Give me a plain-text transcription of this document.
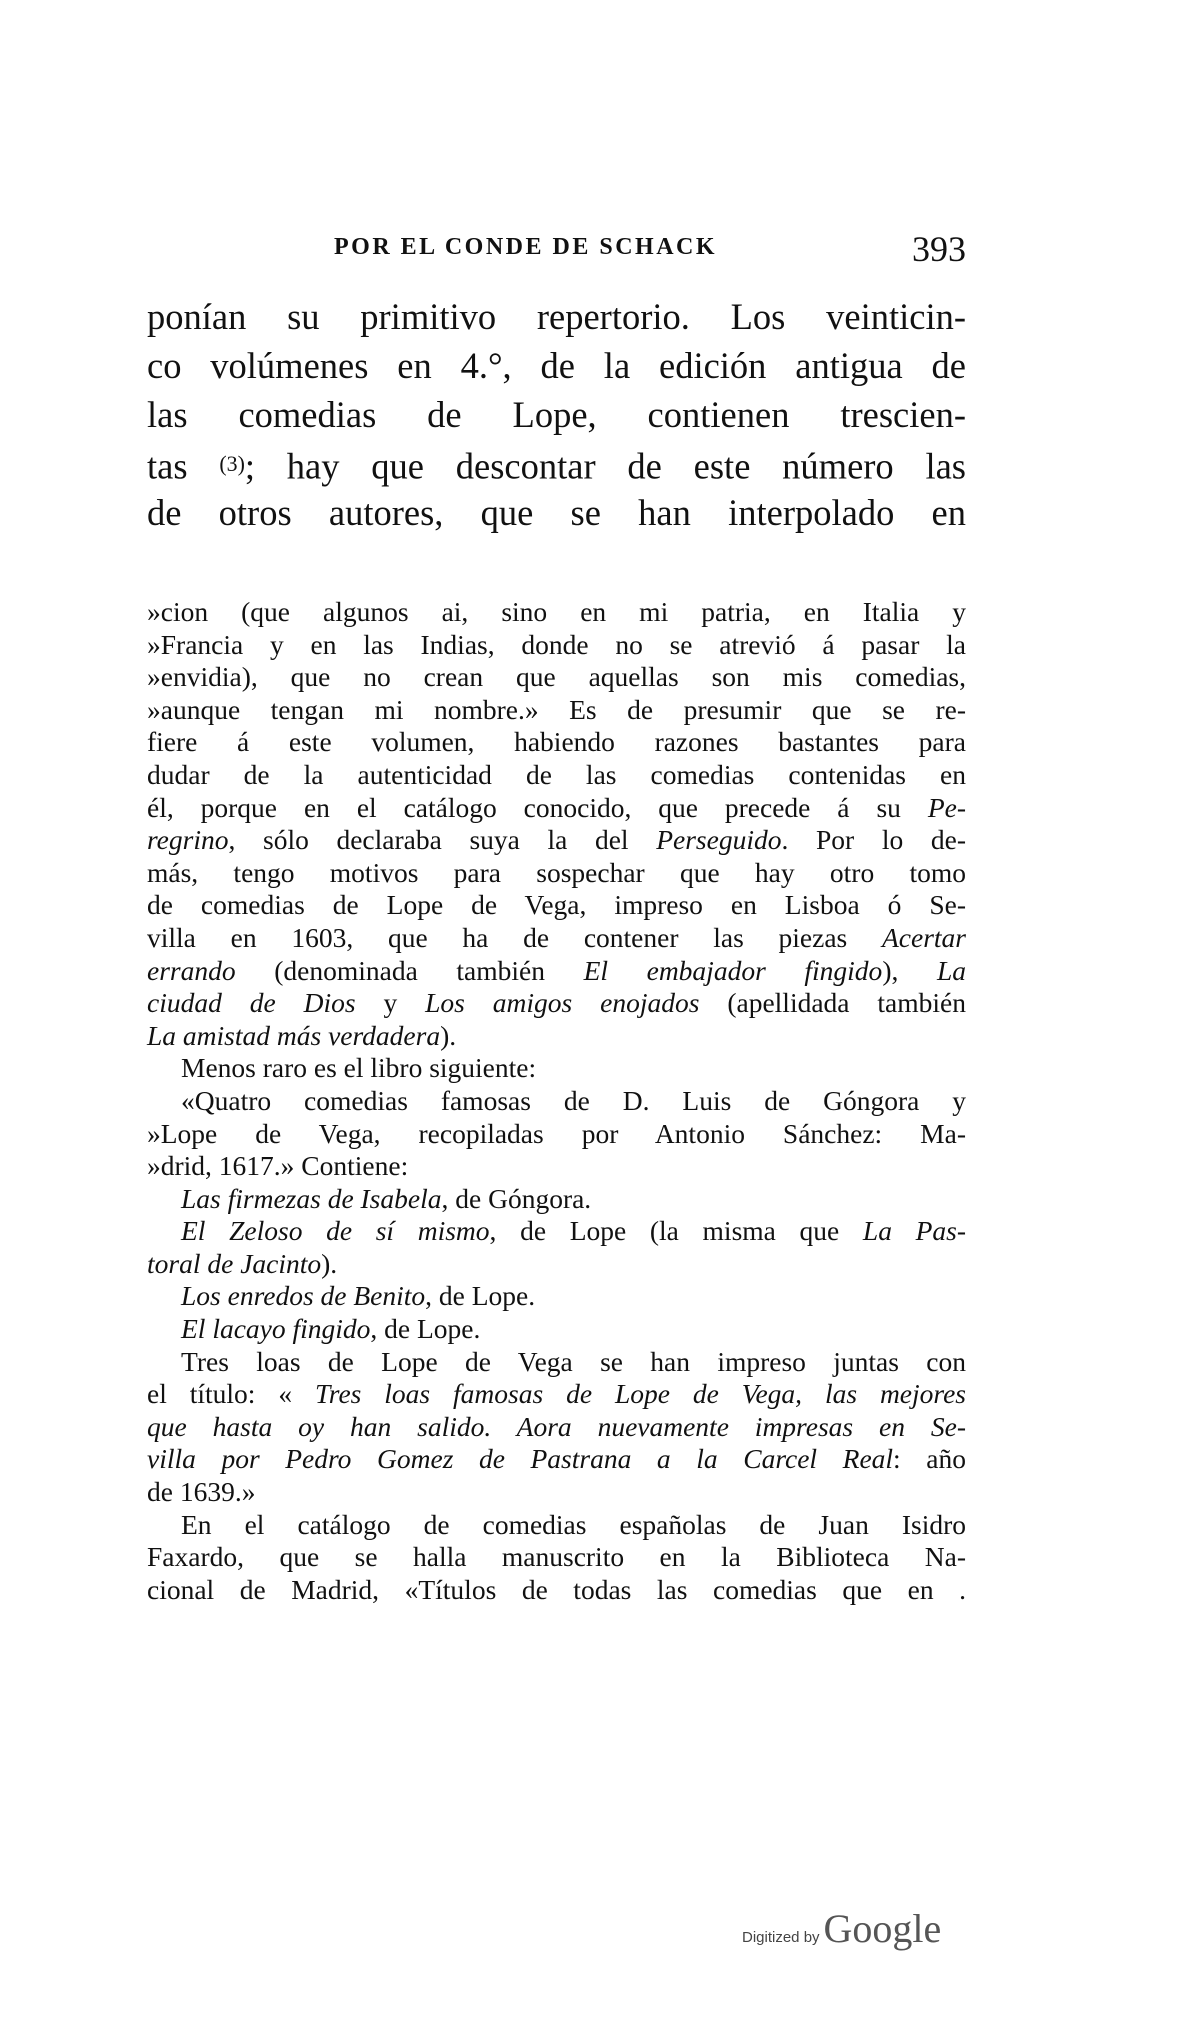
POR EL CONDE DE SCHACK	393
ponían su primitivo repertorio. Los veinticin-
co volúmenes en 4.°, de la edición antigua de
las comedias de Lope, contienen trescien-
tas $^{(3)}$; hay que descontar de este número las
de otros autores, que se han interpolado en
»cion (que algunos ai, sino en mi patria, en Italia y
»Francia y en las Indias, donde no se atrevió á pasar la
»envidia), que no crean que aquellas son mis comedias,
»aunque tengan mi nombre.» Es de presumir que se re-
fiere á este volumen, habiendo razones bastantes para
dudar de la autenticidad de las comedias contenidas en
él, porque en el catálogo conocido, que precede á su Pe-
regrino, sólo declaraba suya la del Perseguido. Por lo de-
más, tengo motivos para sospechar que hay otro tomo
de comedias de Lope de Vega, impreso en Lisboa ó Se-
villa en 1603, que ha de contener las piezas Acertar
errando (denominada también El embajador fingido), La
ciudad de Dios y Los amigos enojados (apellidada también
La amistad más verdadera).
Menos raro es el libro siguiente:
«Quatro comedias famosas de D. Luis de Góngora y
»Lope de Vega, recopiladas por Antonio Sánchez: Ma-
»drid, 1617.» Contiene:
Las firmezas de Isabela, de Góngora.
El Zeloso de sí mismo, de Lope (la misma que La Pas-
toral de Jacinto).
Los enredos de Benito, de Lope.
El lacayo fingido, de Lope.
Tres loas de Lope de Vega se han impreso juntas con
el título: « Tres loas famosas de Lope de Vega, las mejores
que hasta oy han salido. Aora nuevamente impresas en Se-
villa por Pedro Gomez de Pastrana a la Carcel Real: año
de 1639.»
En el catálogo de comedias españolas de Juan Isidro
Faxardo, que se halla manuscrito en la Biblioteca Na-
cional de Madrid, «Títulos de todas las comedias que en .
Digitized by Google
